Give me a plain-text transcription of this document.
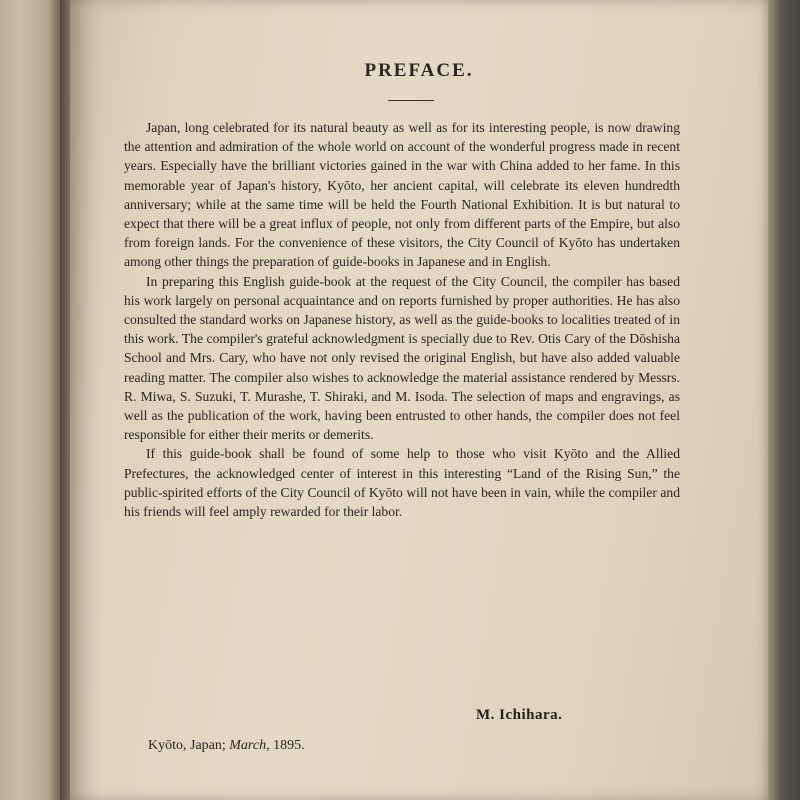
PREFACE.

Japan, long celebrated for its natural beauty as well as for its interesting people, is now drawing the attention and admiration of the whole world on account of the wonderful progress made in recent years. Especially have the brilliant victories gained in the war with China added to her fame. In this memorable year of Japan's history, Kyōto, her ancient capital, will celebrate its eleven hundredth anniversary; while at the same time will be held the Fourth National Exhibition. It is but natural to expect that there will be a great influx of people, not only from different parts of the Empire, but also from foreign lands. For the convenience of these visitors, the City Council of Kyōto has undertaken among other things the preparation of guide-books in Japanese and in English.

In preparing this English guide-book at the request of the City Council, the compiler has based his work largely on personal acquaintance and on reports furnished by proper authorities. He has also consulted the standard works on Japanese history, as well as the guide-books to localities treated of in this work. The compiler's grateful acknowledgment is specially due to Rev. Otis Cary of the Dōshisha School and Mrs. Cary, who have not only revised the original English, but have also added valuable reading matter. The compiler also wishes to acknowledge the material assistance rendered by Messrs. R. Miwa, S. Suzuki, T. Murashe, T. Shiraki, and M. Isoda. The selection of maps and engravings, as well as the publication of the work, having been entrusted to other hands, the compiler does not feel responsible for either their merits or demerits.

If this guide-book shall be found of some help to those who visit Kyōto and the Allied Prefectures, the acknowledged center of interest in this interesting “Land of the Rising Sun,” the public-spirited efforts of the City Council of Kyōto will not have been in vain, while the compiler and his friends will feel amply rewarded for their labor.

M. Ichihara.
Kyōto, Japan; March, 1895.
